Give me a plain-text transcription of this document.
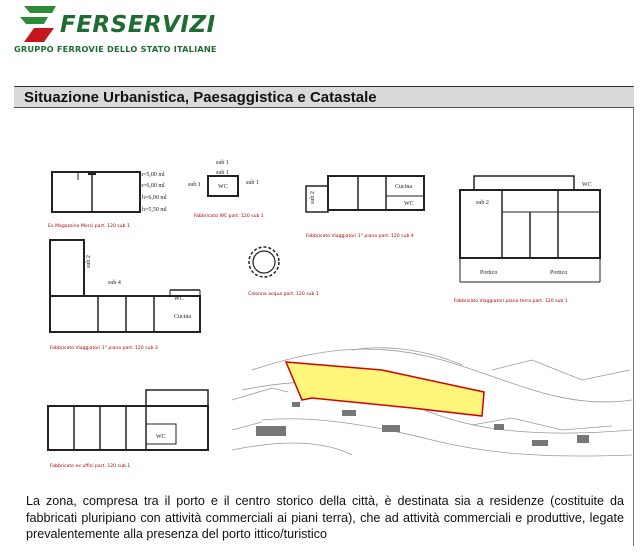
FERSERVIZI
GRUPPO FERROVIE DELLO STATO ITALIANE
Situazione Urbanistica, Paesaggistica e Catastale
h=5,00 ml
h=6,00 ml
h=6,00 ml
h=5,50 ml
Ex Magazzino Merci part. 120 sub 1
sub 1
sub 1
sub 1	WC
sub 1
Fabbricato WC part. 120 sub 1
sub 2
Cucina
WC
Fabbricato Viaggiatori 1° piano part. 120 sub 4
sub 2
WC
Portico	Portico
Fabbricato Viaggiatori piano terra part. 120 sub 1
sub 2
sub 4
WC
Cucina
Fabbricato Viaggiatori 1° piano part. 120 sub 3
Colonna acqua part. 120 sub 1
WC
Fabbricato ex uffici part. 120 sub 1
La zona, compresa tra il porto e il centro storico della città, è destinata sia a residenze (costituite da fabbricati pluripiano con attività commerciali ai piani terra), che ad attività commerciali e produttive, legate prevalentemente alla presenza del porto ittico/turistico
